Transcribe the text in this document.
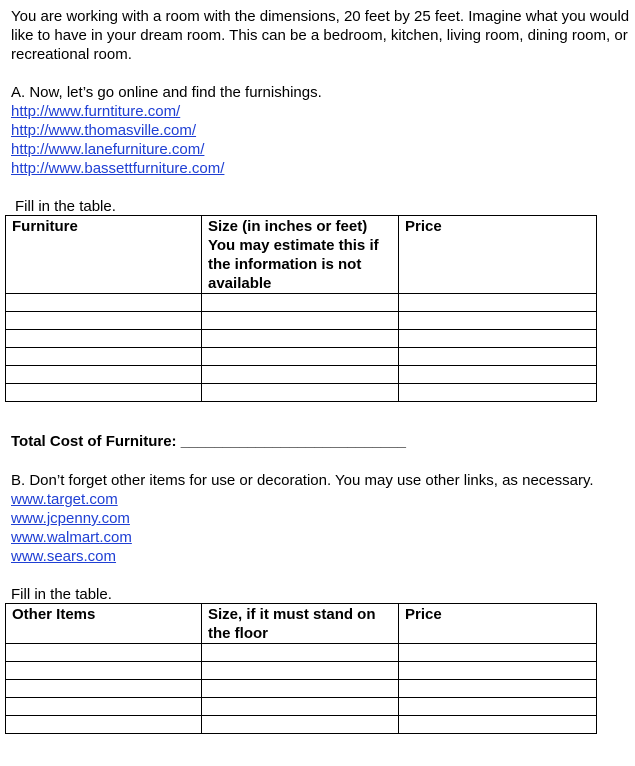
You are working with a room with the dimensions, 20 feet by 25 feet. Imagine what you would like to have in your dream room. This can be a bedroom, kitchen, living room, dining room, or recreational room.

A. Now, let’s go online and find the furnishings.

http://www.furntiture.com/
http://www.thomasville.com/
http://www.lanefurniture.com/
http://www.bassettfurniture.com/

Fill in the table.

Furniture	Size (in inches or feet) You may estimate this if the information is not available	Price

Total Cost of Furniture: ___________________________

B. Don’t forget other items for use or decoration. You may use other links, as necessary.

www.target.com
www.jcpenny.com
www.walmart.com
www.sears.com

Fill in the table.

Other Items	Size, if it must stand on the floor	Price
